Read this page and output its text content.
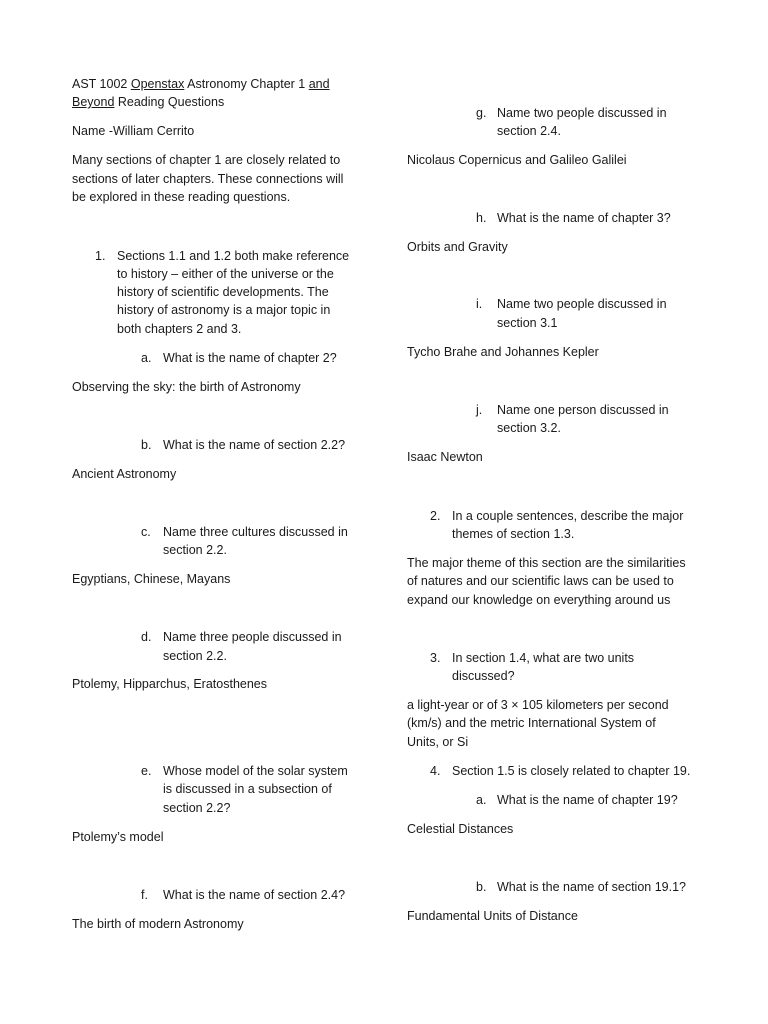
AST 1002 Openstax Astronomy Chapter 1 and
Beyond Reading Questions
Name -William Cerrito
Many sections of chapter 1 are closely related to
sections of later chapters. These connections will
be explored in these reading questions.
1. Sections 1.1 and 1.2 both make reference
to history – either of the universe or the
history of scientific developments. The
history of astronomy is a major topic in
both chapters 2 and 3.
a. What is the name of chapter 2?
Observing the sky: the birth of Astronomy
b. What is the name of section 2.2?
Ancient Astronomy
c. Name three cultures discussed in
section 2.2.
Egyptians, Chinese, Mayans
d. Name three people discussed in
section 2.2.
Ptolemy, Hipparchus, Eratosthenes
e. Whose model of the solar system
is discussed in a subsection of
section 2.2?
Ptolemy’s model
f. What is the name of section 2.4?
The birth of modern Astronomy
g. Name two people discussed in
section 2.4.
Nicolaus Copernicus and Galileo Galilei
h. What is the name of chapter 3?
Orbits and Gravity
i. Name two people discussed in
section 3.1
Tycho Brahe and Johannes Kepler
j. Name one person discussed in
section 3.2.
Isaac Newton
2. In a couple sentences, describe the major
themes of section 1.3.
The major theme of this section are the similarities
of natures and our scientific laws can be used to
expand our knowledge on everything around us
3. In section 1.4, what are two units
discussed?
a light-year or of 3 × 105 kilometers per second
(km/s) and the metric International System of
Units, or Si
4. Section 1.5 is closely related to chapter 19.
a. What is the name of chapter 19?
Celestial Distances
b. What is the name of section 19.1?
Fundamental Units of Distance
